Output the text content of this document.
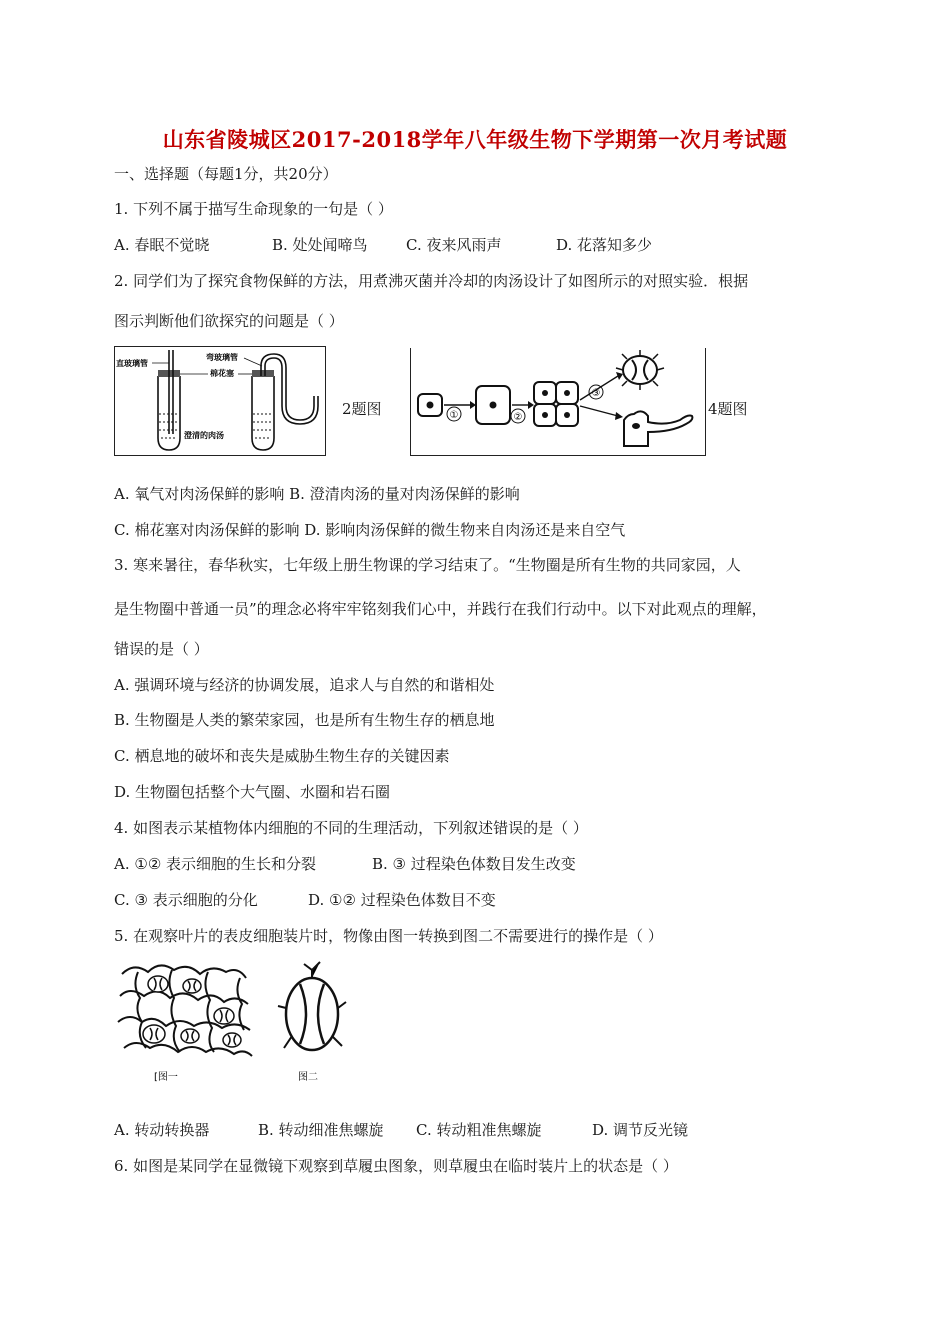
山东省陵城区2017-2018学年八年级生物下学期第一次月考试题
一、选择题（每题1分，共20分）
1. 下列不属于描写生命现象的一句是（ ）
A. 春眠不觉晓	B. 处处闻啼鸟	C. 夜来风雨声	D. 花落知多少
2. 同学们为了探究食物保鲜的方法，用煮沸灭菌并冷却的肉汤设计了如图所示的对照实验．根据
图示判断他们欲探究的问题是（ ）
直玻璃管
弯玻璃管
棉花塞
澄清的肉汤
2题图	①	②
③
4题图
A. 氧气对肉汤保鲜的影响 B. 澄清肉汤的量对肉汤保鲜的影响
C. 棉花塞对肉汤保鲜的影响 D. 影响肉汤保鲜的微生物来自肉汤还是来自空气
3. 寒来暑往，春华秋实，七年级上册生物课的学习结束了。“生物圈是所有生物的共同家园，人
是生物圈中普通一员”的理念必将牢牢铭刻我们心中，并践行在我们行动中。以下对此观点的理解，
错误的是（ ）
A. 强调环境与经济的协调发展，追求人与自然的和谐相处
B. 生物圈是人类的繁荣家园，也是所有生物生存的栖息地
C. 栖息地的破坏和丧失是威胁生物生存的关键因素
D. 生物圈包括整个大气圈、水圈和岩石圈
4. 如图表示某植物体内细胞的不同的生理活动，下列叙述错误的是（ ）
A. ①② 表示细胞的生长和分裂	B. ③ 过程染色体数目发生改变
C. ③ 表示细胞的分化	D. ①② 过程染色体数目不变
5. 在观察叶片的表皮细胞装片时，物像由图一转换到图二不需要进行的操作是（ ）
[图一	图二
A. 转动转换器	B. 转动细准焦螺旋 C. 转动粗准焦螺旋	D. 调节反光镜
6. 如图是某同学在显微镜下观察到草履虫图象，则草履虫在临时装片上的状态是（ ）
